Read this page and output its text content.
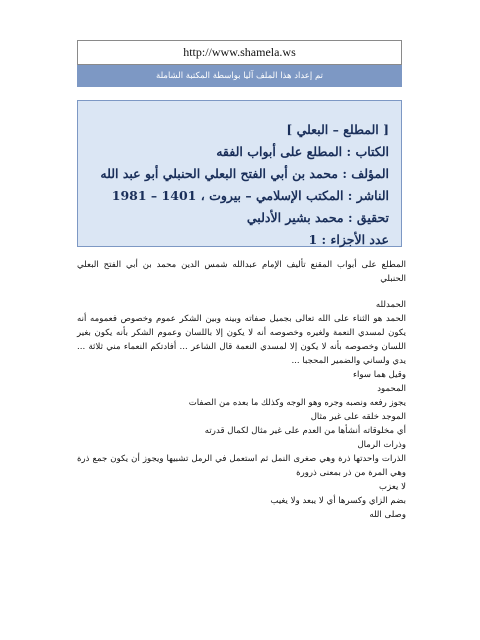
http://www.shamela.ws
تم إعداد هذا الملف آليا بواسطة المكتبة الشاملة
[ المطلع – البعلي ]
الكتاب : المطلع على أبواب الفقه
المؤلف : محمد بن أبي الفتح البعلي الحنبلي أبو عبد الله
الناشر : المكتب الإسلامي – بيروت ، 1401 – 1981
تحقيق : محمد بشير الأدلبي
عدد الأجزاء : 1

المطلع على أبواب المقنع تأليف الإمام عبدالله شمس الدين محمد بن أبي الفتح البعلي الحنبلي

الحمدلله

الحمد هو الثناء على الله تعالى بجميل صفاته وبينه وبين الشكر عموم وخصوص فعمومه أنه يكون لمسدي النعمة ولغيره وخصوصه أنه لا يكون إلا باللسان وعموم الشكر بأنه يكون بغير اللسان وخصوصه بأنه لا يكون إلا لمسدي النعمة قال الشاعر ... أفادتكم النعماء مني ثلاثة ... يدي ولساني والضمير المحجبا ...

وقيل هما سواء

المحمود

يجوز رفعه ونصبه وجره وهو الوجه وكذلك ما بعده من الصفات

الموجد خلقه على غير مثال

أي مخلوقاته أنشأها من العدم على غير مثال لكمال قدرته

وذرات الرمال

الذرات واحدتها ذرة وهي صغرى النمل ثم استعمل في الرمل تشبيها ويجوز أن يكون جمع ذرة وهي المرة من ذر بمعنى ذرورة

لا يعزب

بضم الزاي وكسرها أي لا يبعد ولا يغيب

وصلى الله
